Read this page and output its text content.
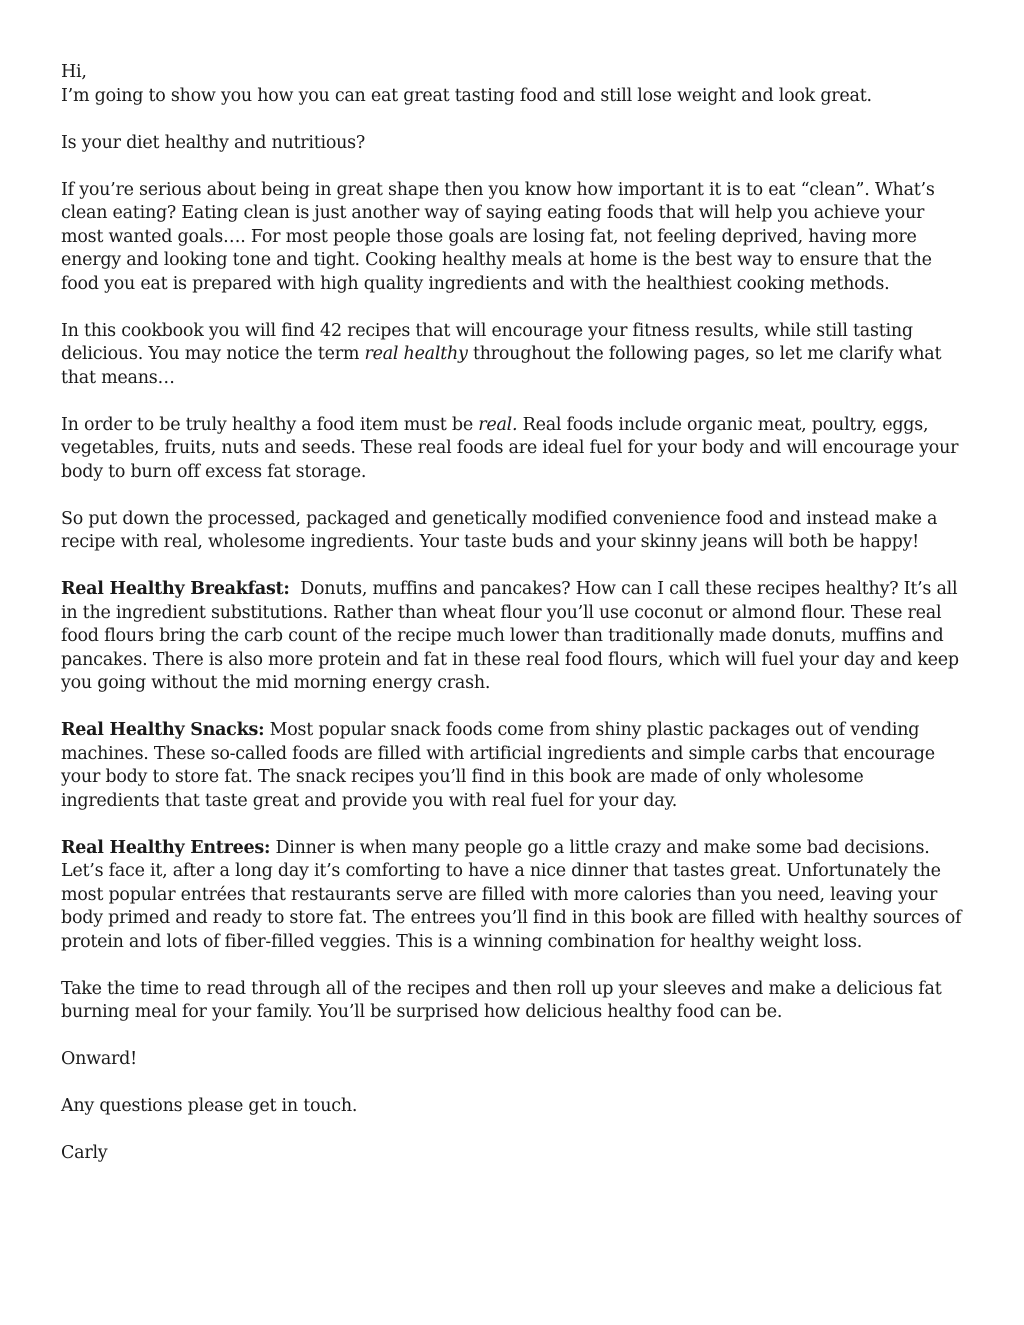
Hi,

I’m going to show you how you can eat great tasting food and still lose weight and look great.

Is your diet healthy and nutritious?

If you’re serious about being in great shape then you know how important it is to eat “clean”. What’s clean eating? Eating clean is just another way of saying eating foods that will help you achieve your most wanted goals…. For most people those goals are losing fat, not feeling deprived, having more energy and looking tone and tight. Cooking healthy meals at home is the best way to ensure that the food you eat is prepared with high quality ingredients and with the healthiest cooking methods.

In this cookbook you will find 42 recipes that will encourage your fitness results, while still tasting delicious. You may notice the term real healthy throughout the following pages, so let me clarify what that means…

In order to be truly healthy a food item must be real. Real foods include organic meat, poultry, eggs, vegetables, fruits, nuts and seeds. These real foods are ideal fuel for your body and will encourage your body to burn off excess fat storage.

So put down the processed, packaged and genetically modified convenience food and instead make a recipe with real, wholesome ingredients. Your taste buds and your skinny jeans will both be happy!

Real Healthy Breakfast:  Donuts, muffins and pancakes? How can I call these recipes healthy? It’s all in the ingredient substitutions. Rather than wheat flour you’ll use coconut or almond flour. These real food flours bring the carb count of the recipe much lower than traditionally made donuts, muffins and pancakes. There is also more protein and fat in these real food flours, which will fuel your day and keep you going without the mid morning energy crash.

Real Healthy Snacks: Most popular snack foods come from shiny plastic packages out of vending machines. These so-called foods are filled with artificial ingredients and simple carbs that encourage your body to store fat. The snack recipes you’ll find in this book are made of only wholesome ingredients that taste great and provide you with real fuel for your day.

Real Healthy Entrees: Dinner is when many people go a little crazy and make some bad decisions. Let’s face it, after a long day it’s comforting to have a nice dinner that tastes great. Unfortunately the most popular entrées that restaurants serve are filled with more calories than you need, leaving your body primed and ready to store fat. The entrees you’ll find in this book are filled with healthy sources of protein and lots of fiber-filled veggies. This is a winning combination for healthy weight loss.

Take the time to read through all of the recipes and then roll up your sleeves and make a delicious fat burning meal for your family. You’ll be surprised how delicious healthy food can be.

Onward!

Any questions please get in touch.

Carly
